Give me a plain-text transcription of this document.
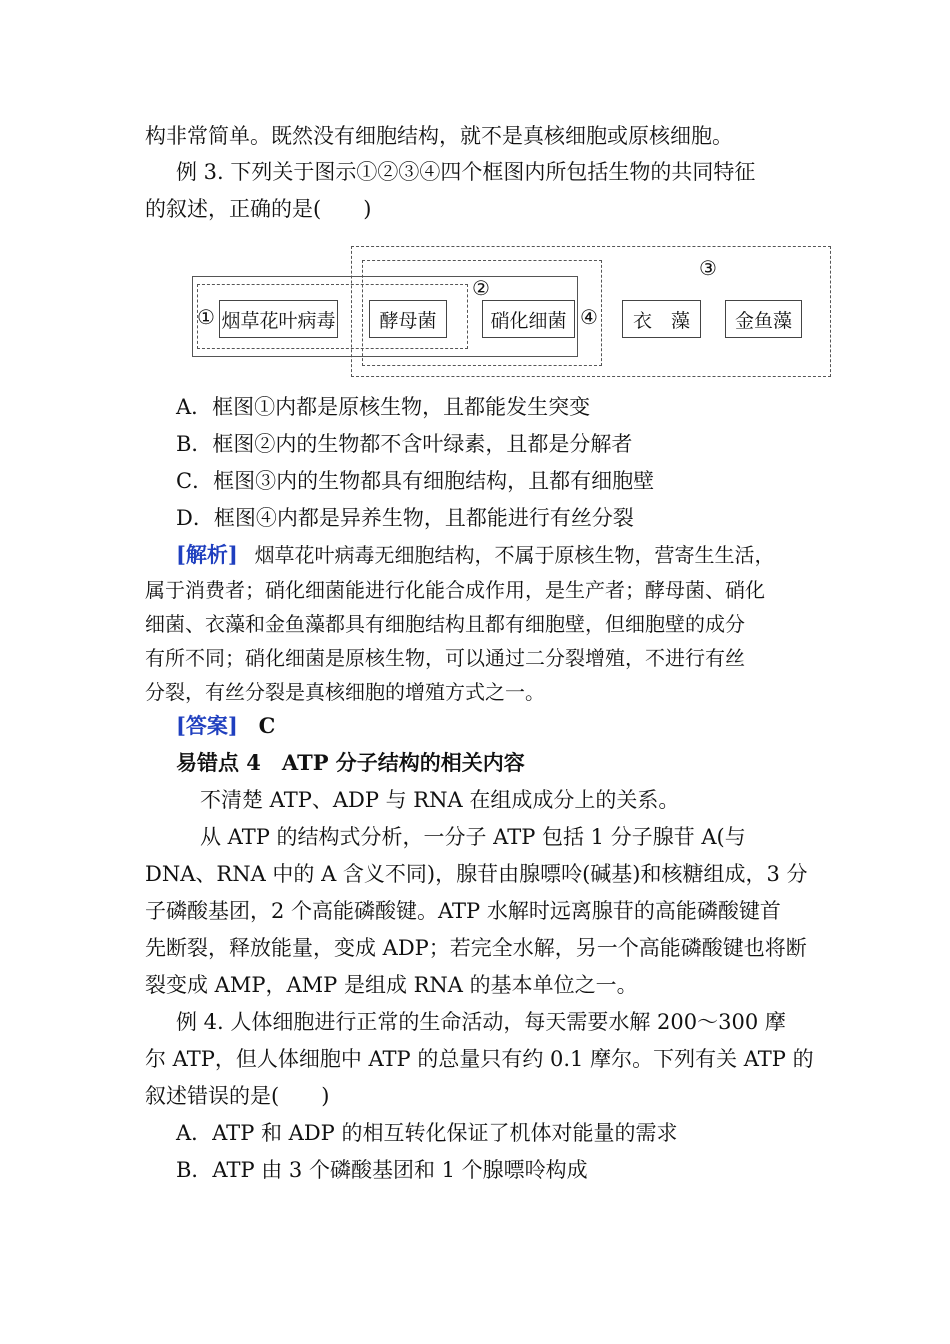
构非常简单。既然没有细胞结构，就不是真核细胞或原核细胞。
例 3. 下列关于图示①②③④四个框图内所包括生物的共同特征
的叙述，正确的是(　　)
①
②
③
④
烟草花叶病毒	酵母菌	硝化细菌	衣　藻	金鱼藻
A．框图①内都是原核生物，且都能发生突变
B．框图②内的生物都不含叶绿素，且都是分解者
C．框图③内的生物都具有细胞结构，且都有细胞壁
D．框图④内都是异养生物，且都能进行有丝分裂
[解析] 烟草花叶病毒无细胞结构，不属于原核生物，营寄生生活，
属于消费者；硝化细菌能进行化能合成作用，是生产者；酵母菌、硝化
细菌、衣藻和金鱼藻都具有细胞结构且都有细胞壁，但细胞壁的成分
有所不同；硝化细菌是原核生物，可以通过二分裂增殖，不进行有丝
分裂，有丝分裂是真核细胞的增殖方式之一。
[答案] C
易错点 4　ATP 分子结构的相关内容
不清楚 ATP、ADP 与 RNA 在组成成分上的关系。
从 ATP 的结构式分析，一分子 ATP 包括 1 分子腺苷 A(与
DNA、RNA 中的 A 含义不同)，腺苷由腺嘌呤(碱基)和核糖组成，3 分
子磷酸基团，2 个高能磷酸键。ATP 水解时远离腺苷的高能磷酸键首
先断裂，释放能量，变成 ADP；若完全水解，另一个高能磷酸键也将断
裂变成 AMP，AMP 是组成 RNA 的基本单位之一。
例 4. 人体细胞进行正常的生命活动，每天需要水解 200～300 摩
尔 ATP，但人体细胞中 ATP 的总量只有约 0.1 摩尔。下列有关 ATP 的
叙述错误的是(　　)
A．ATP 和 ADP 的相互转化保证了机体对能量的需求
B．ATP 由 3 个磷酸基团和 1 个腺嘌呤构成
